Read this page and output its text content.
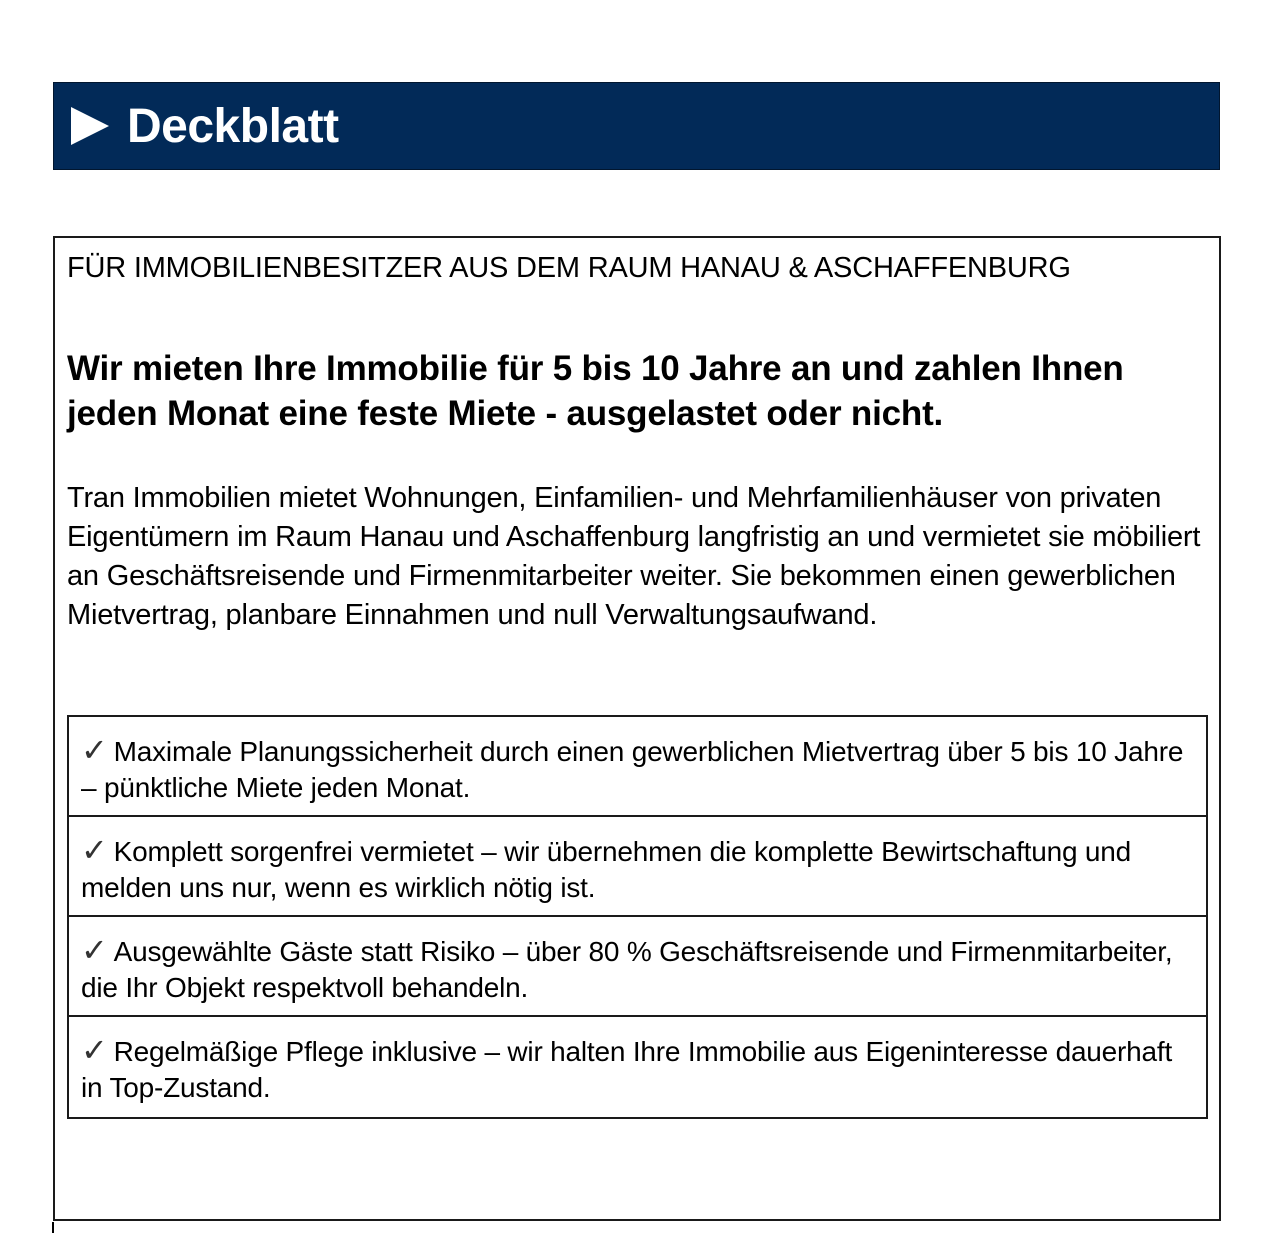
Deckblatt
FÜR IMMOBILIENBESITZER AUS DEM RAUM HANAU & ASCHAFFENBURG
Wir mieten Ihre Immobilie für 5 bis 10 Jahre an und zahlen Ihnen jeden Monat eine feste Miete - ausgelastet oder nicht.
Tran Immobilien mietet Wohnungen, Einfamilien- und Mehrfamilienhäuser von privaten Eigentümern im Raum Hanau und Aschaffenburg langfristig an und vermietet sie möbiliert an Geschäftsreisende und Firmenmitarbeiter weiter. Sie bekommen einen gewerblichen Mietvertrag, planbare Einnahmen und null Verwaltungsaufwand.
✓ Maximale Planungssicherheit durch einen gewerblichen Mietvertrag über 5 bis 10 Jahre – pünktliche Miete jeden Monat.
✓ Komplett sorgenfrei vermietet – wir übernehmen die komplette Bewirtschaftung und melden uns nur, wenn es wirklich nötig ist.
✓ Ausgewählte Gäste statt Risiko – über 80 % Geschäftsreisende und Firmenmitarbeiter, die Ihr Objekt respektvoll behandeln.
✓ Regelmäßige Pflege inklusive – wir halten Ihre Immobilie aus Eigeninteresse dauerhaft in Top-Zustand.
